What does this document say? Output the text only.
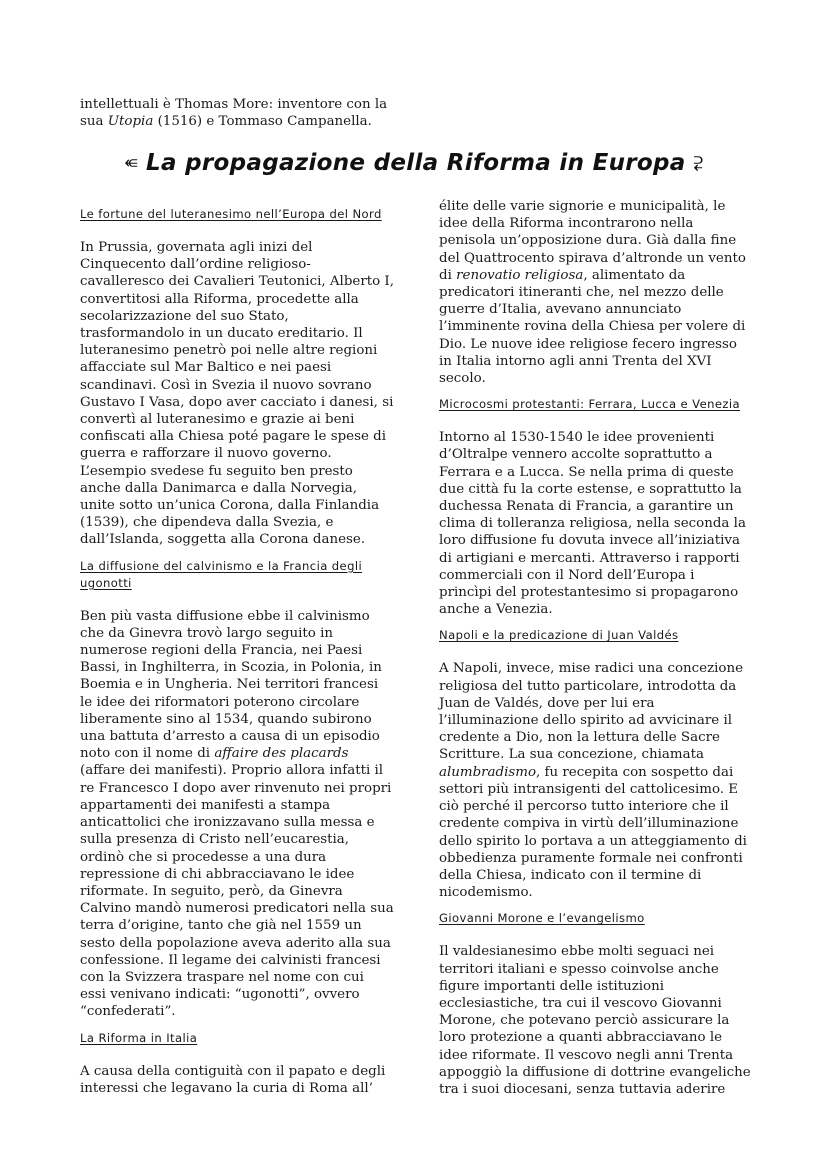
intellettuali è Thomas More: inventore con la sua Utopia (1516) e Tommaso Campanella.

⥺ La propagazione della Riforma in Europa ⥻
Le fortune del luteranesimo nell’Europa del Nord

In Prussia, governata agli inizi del Cinquecento dall’ordine religioso-cavalleresco dei Cavalieri Teutonici, Alberto I, convertitosi alla Riforma, procedette alla secolarizzazione del suo Stato, trasformandolo in un ducato ereditario. Il luteranesimo penetrò poi nelle altre regioni affacciate sul Mar Baltico e nei paesi scandinavi. Così in Svezia il nuovo sovrano Gustavo I Vasa, dopo aver cacciato i danesi, si convertì al luteranesimo e grazie ai beni confiscati alla Chiesa poté pagare le spese di guerra e rafforzare il nuovo governo. L’esempio svedese fu seguito ben presto anche dalla Danimarca e dalla Norvegia, unite sotto un’unica Corona, dalla Finlandia (1539), che dipendeva dalla Svezia, e dall’Islanda, soggetta alla Corona danese.

La diffusione del calvinismo e la Francia degli ugonotti

Ben più vasta diffusione ebbe il calvinismo che da Ginevra trovò largo seguito in numerose regioni della Francia, nei Paesi Bassi, in Inghilterra, in Scozia, in Polonia, in Boemia e in Ungheria. Nei territori francesi le idee dei riformatori poterono circolare liberamente sino al 1534, quando subirono una battuta d’arresto a causa di un episodio noto con il nome di affaire des placards (affare dei manifesti). Proprio allora infatti il re Francesco I dopo aver rinvenuto nei propri appartamenti dei manifesti a stampa anticattolici che ironizzavano sulla messa e sulla presenza di Cristo nell’eucarestia, ordinò che si procedesse a una dura repressione di chi abbracciavano le idee riformate. In seguito, però, da Ginevra Calvino mandò numerosi predicatori nella sua terra d’origine, tanto che già nel 1559 un sesto della popolazione aveva aderito alla sua confessione. Il legame dei calvinisti francesi con la Svizzera traspare nel nome con cui essi venivano indicati: “ugonotti”, ovvero “confederati”.

La Riforma in Italia

A causa della contiguità con il papato e degli interessi che legavano la curia di Roma all’

élite delle varie signorie e municipalità, le idee della Riforma incontrarono nella penisola un’opposizione dura. Già dalla fine del Quattrocento spirava d’altronde un vento di renovatio religiosa, alimentato da predicatori itineranti che, nel mezzo delle guerre d’Italia, avevano annunciato l’imminente rovina della Chiesa per volere di Dio. Le nuove idee religiose fecero ingresso in Italia intorno agli anni Trenta del XVI secolo.

Microcosmi protestanti: Ferrara, Lucca e Venezia

Intorno al 1530-1540 le idee provenienti d’Oltralpe vennero accolte soprattutto a Ferrara e a Lucca. Se nella prima di queste due città fu la corte estense, e soprattutto la duchessa Renata di Francia, a garantire un clima di tolleranza religiosa, nella seconda la loro diffusione fu dovuta invece all’iniziativa di artigiani e mercanti. Attraverso i rapporti commerciali con il Nord dell’Europa i princìpi del protestantesimo si propagarono anche a Venezia.

Napoli e la predicazione di Juan Valdés

A Napoli, invece, mise radici una concezione religiosa del tutto particolare, introdotta da Juan de Valdés, dove per lui era l’illuminazione dello spirito ad avvicinare il credente a Dio, non la lettura delle Sacre Scritture. La sua concezione, chiamata alumbradismo, fu recepita con sospetto dai settori più intransigenti del cattolicesimo. E ciò perché il percorso tutto interiore che il credente compiva in virtù dell’illuminazione dello spirito lo portava a un atteggiamento di obbedienza puramente formale nei confronti della Chiesa, indicato con il termine di nicodemismo.

Giovanni Morone e l’evangelismo

Il valdesianesimo ebbe molti seguaci nei territori italiani e spesso coinvolse anche figure importanti delle istituzioni ecclesiastiche, tra cui il vescovo Giovanni Morone, che potevano perciò assicurare la loro protezione a quanti abbracciavano le idee riformate. Il vescovo negli anni Trenta appoggiò la diffusione di dottrine evangeliche tra i suoi diocesani, senza tuttavia aderire
